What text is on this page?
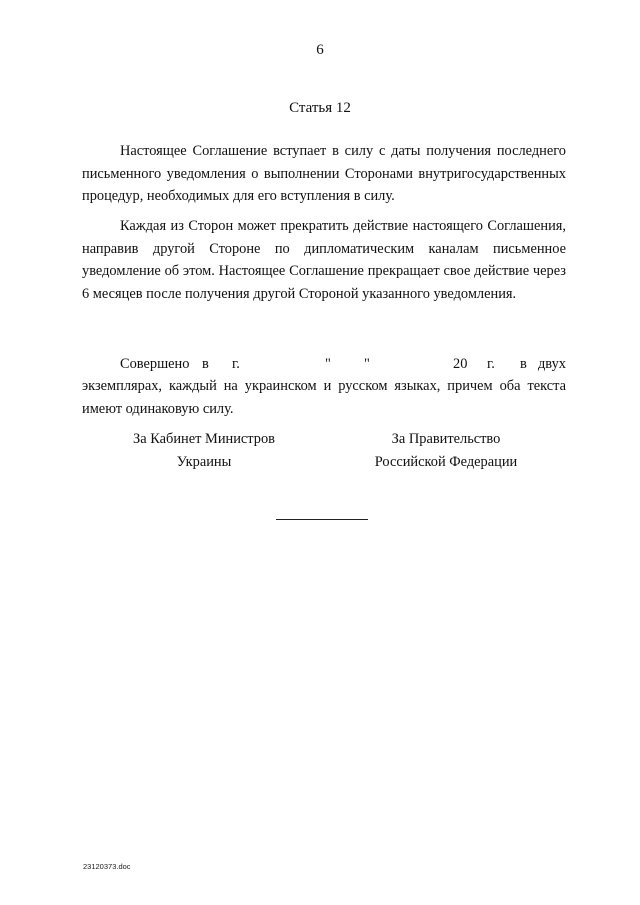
6
Статья 12

Настоящее Соглашение вступает в силу с даты получения последнего письменного уведомления о выполнении Сторонами внутригосударственных процедур, необходимых для его вступления в силу.

Каждая из Сторон может прекратить действие настоящего Соглашения, направив другой Стороне по дипломатическим каналам письменное уведомление об этом. Настоящее Соглашение прекращает свое действие через 6 месяцев после получения другой Стороной указанного уведомления.

Совершено в г.	" "	20 г. в двух
экземплярах, каждый на украинском и русском языках, причем оба текста
имеют одинаковую силу.
За Кабинет Министров
Украины
За Правительство
Российской Федерации
23120373.doc
